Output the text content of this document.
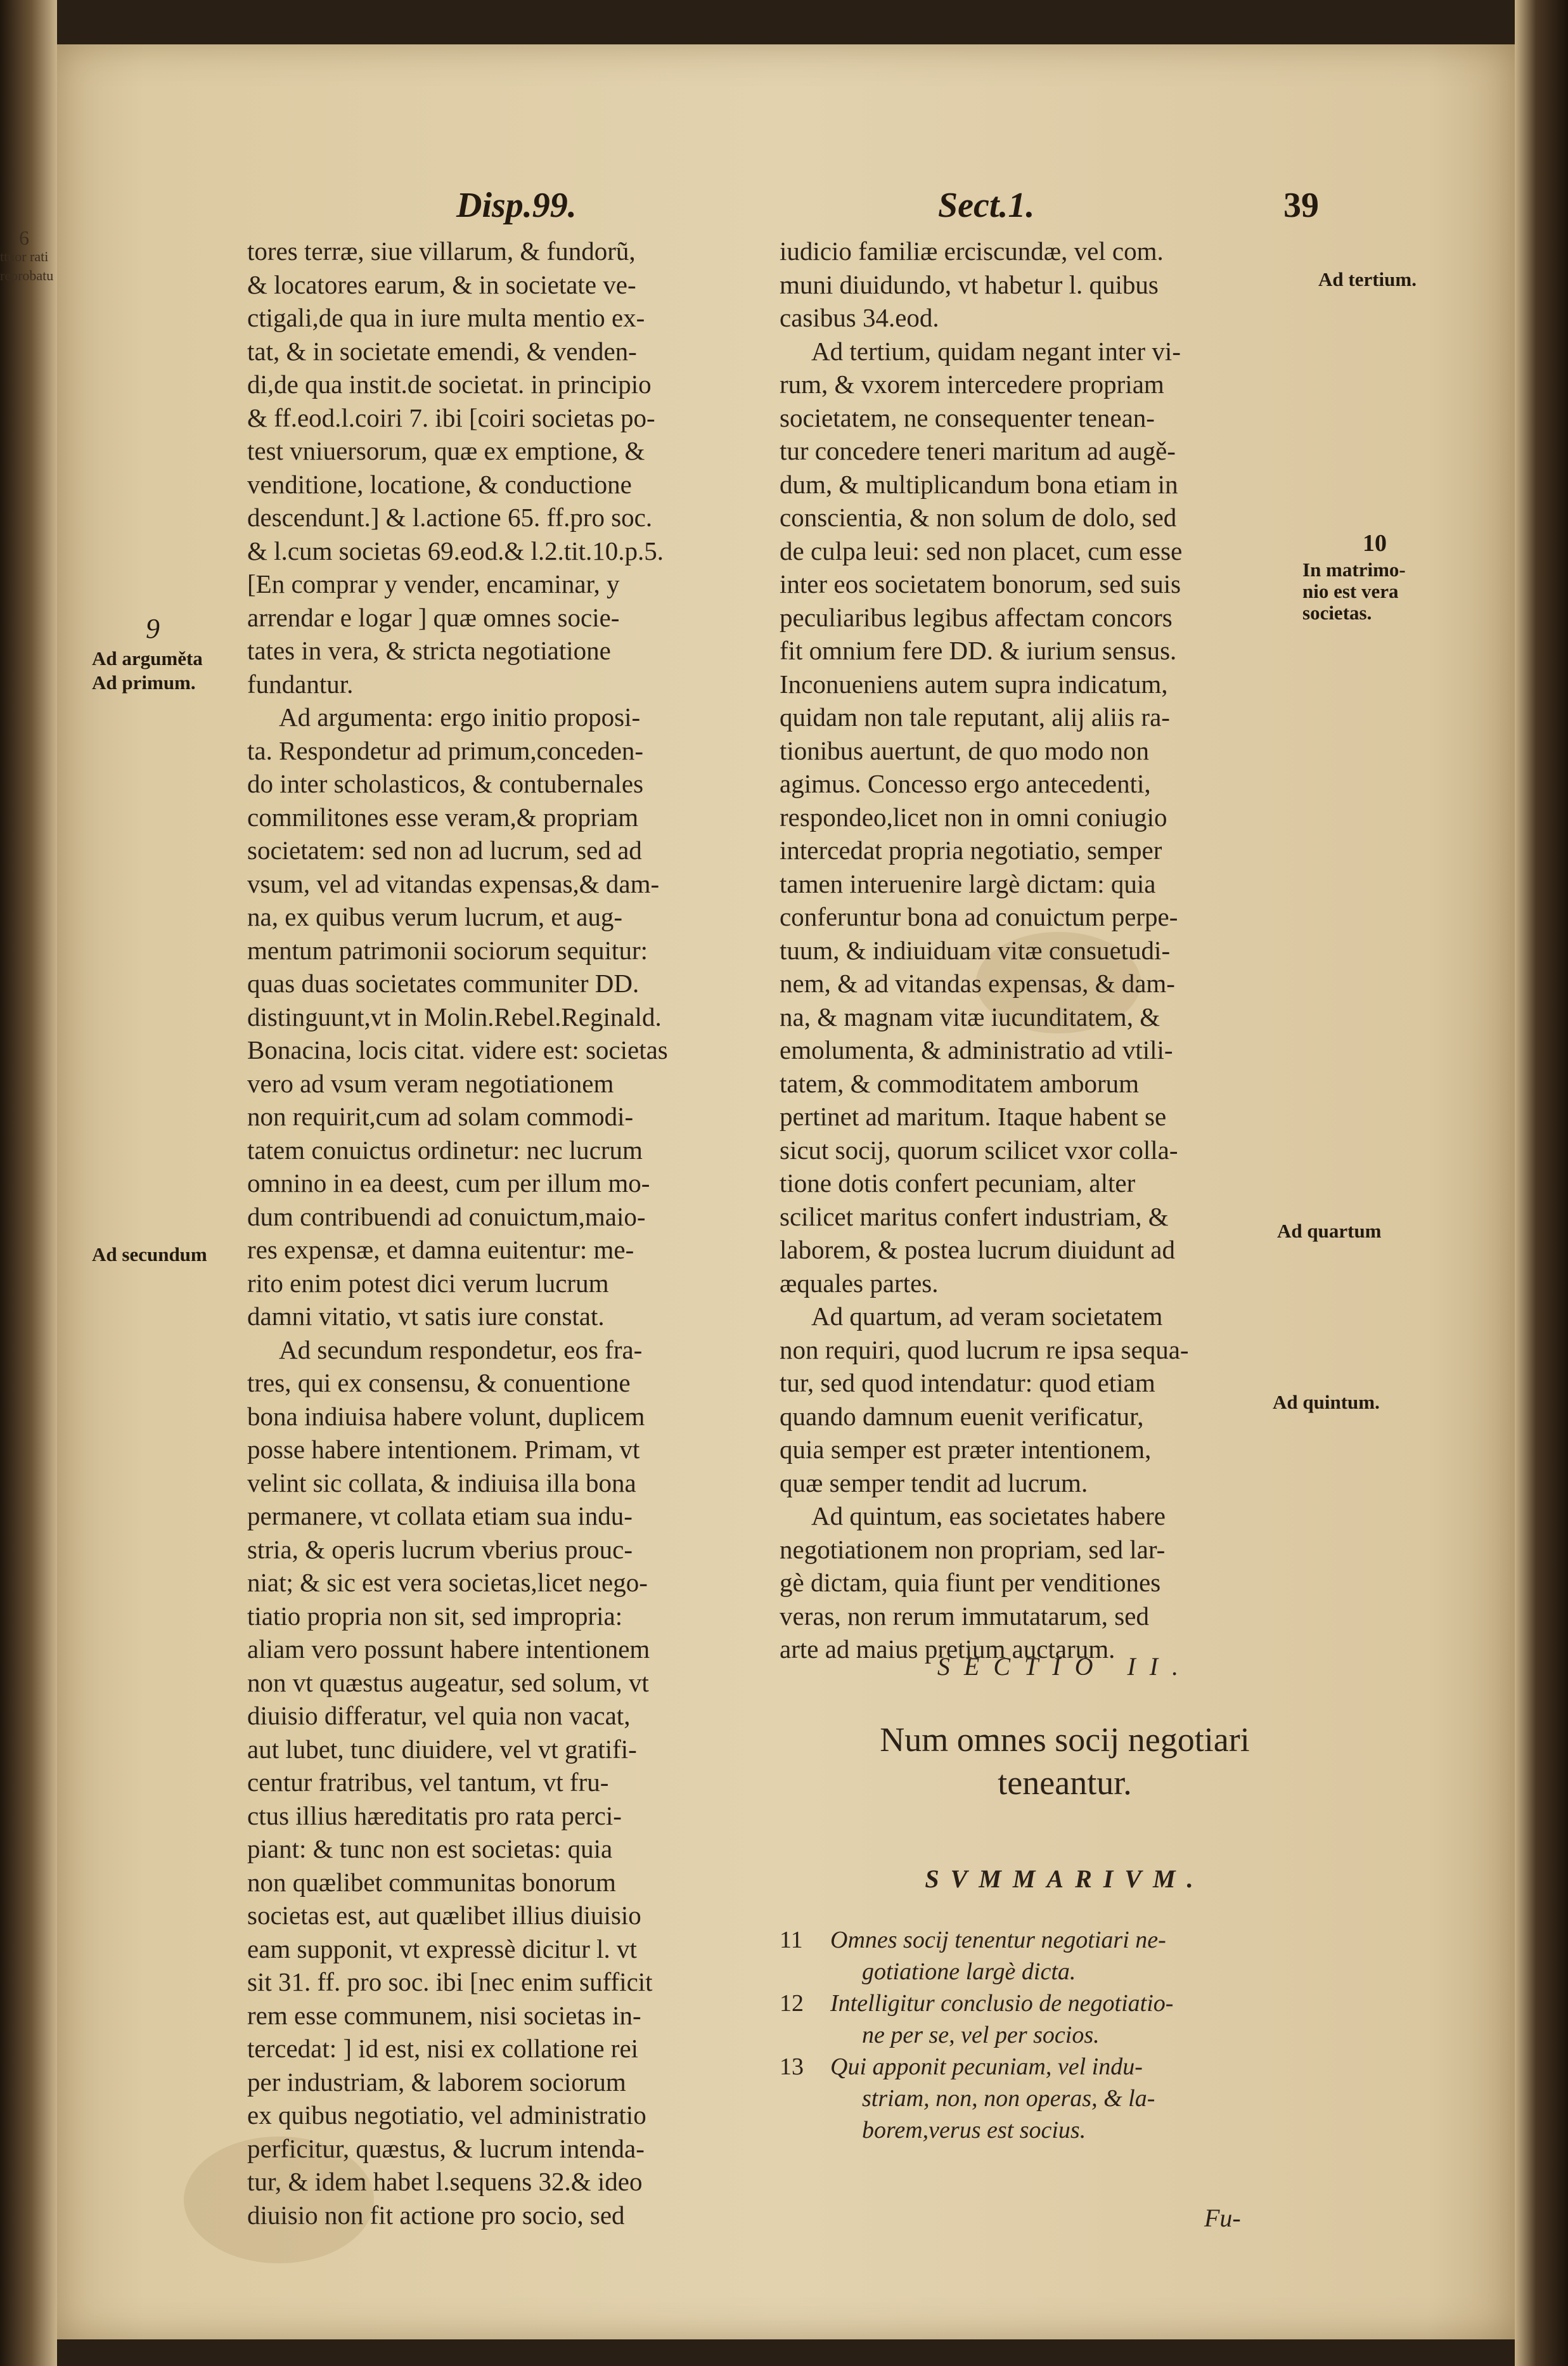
6
ttuor rati
reprobatu
Disp.99.	Sect.1.	39
9
Ad arguměta
Ad primum.
Ad secundum
Ad tertium.
10
In matrimo-
nio est vera
societas.
Ad quartum
Ad quintum.
tores terræ, siue villarum, & fundorũ,
& locatores earum, & in societate ve-
ctigali,de qua in iure multa mentio ex-
tat, & in societate emendi, & venden-
di,de qua instit.de societat. in principio
& ff.eod.l.coiri 7. ibi [coiri societas po-
test vniuersorum, quæ ex emptione, &
venditione, locatione, & conductione
descendunt.] & l.actione 65. ff.pro soc.
& l.cum societas 69.eod.& l.2.tit.10.p.5.
[En comprar y vender, encaminar, y
arrendar e logar ] quæ omnes socie-
tates in vera, & stricta negotiatione
fundantur.
Ad argumenta: ergo initio proposi-
ta. Respondetur ad primum,conceden-
do inter scholasticos, & contubernales
commilitones esse veram,& propriam
societatem: sed non ad lucrum, sed ad
vsum, vel ad vitandas expensas,& dam-
na, ex quibus verum lucrum, et aug-
mentum patrimonii sociorum sequitur:
quas duas societates communiter DD.
distinguunt,vt in Molin.Rebel.Reginald.
Bonacina, locis citat. videre est: societas
vero ad vsum veram negotiationem
non requirit,cum ad solam commodi-
tatem conuictus ordinetur: nec lucrum
omnino in ea deest, cum per illum mo-
dum contribuendi ad conuictum,maio-
res expensæ, et damna euitentur: me-
rito enim potest dici verum lucrum
damni vitatio, vt satis iure constat.
Ad secundum respondetur, eos fra-
tres, qui ex consensu, & conuentione
bona indiuisa habere volunt, duplicem
posse habere intentionem. Primam, vt
velint sic collata, & indiuisa illa bona
permanere, vt collata etiam sua indu-
stria, & operis lucrum vberius prouc-
niat; & sic est vera societas,licet nego-
tiatio propria non sit, sed impropria:
aliam vero possunt habere intentionem
non vt quæstus augeatur, sed solum, vt
diuisio differatur, vel quia non vacat,
aut lubet, tunc diuidere, vel vt gratifi-
centur fratribus, vel tantum, vt fru-
ctus illius hæreditatis pro rata perci-
piant: & tunc non est societas: quia
non quælibet communitas bonorum
societas est, aut quælibet illius diuisio
eam supponit, vt expressè dicitur l. vt
sit 31. ff. pro soc. ibi [nec enim sufficit
rem esse communem, nisi societas in-
tercedat: ] id est, nisi ex collatione rei
per industriam, & laborem sociorum
ex quibus negotiatio, vel administratio
perficitur, quæstus, & lucrum intenda-
tur, & idem habet l.sequens 32.& ideo
diuisio non fit actione pro socio, sed
iudicio familiæ erciscundæ, vel com.
muni diuidundo, vt habetur l. quibus
casibus 34.eod.
Ad tertium, quidam negant inter vi-
rum, & vxorem intercedere propriam
societatem, ne consequenter tenean-
tur concedere teneri maritum ad augě-
dum, & multiplicandum bona etiam in
conscientia, & non solum de dolo, sed
de culpa leui: sed non placet, cum esse
inter eos societatem bonorum, sed suis
peculiaribus legibus affectam concors
fit omnium fere DD. & iurium sensus.
Inconueniens autem supra indicatum,
quidam non tale reputant, alij aliis ra-
tionibus auertunt, de quo modo non
agimus. Concesso ergo antecedenti,
respondeo,licet non in omni coniugio
intercedat propria negotiatio, semper
tamen interuenire largè dictam: quia
conferuntur bona ad conuictum perpe-
tuum, & indiuiduam vitæ consuetudi-
nem, & ad vitandas expensas, & dam-
na, & magnam vitæ iucunditatem, &
emolumenta, & administratio ad vtili-
tatem, & commoditatem amborum
pertinet ad maritum. Itaque habent se
sicut socij, quorum scilicet vxor colla-
tione dotis confert pecuniam, alter
scilicet maritus confert industriam, &
laborem, & postea lucrum diuidunt ad
æquales partes.
Ad quartum, ad veram societatem
non requiri, quod lucrum re ipsa sequa-
tur, sed quod intendatur: quod etiam
quando damnum euenit verificatur,
quia semper est præter intentionem,
quæ semper tendit ad lucrum.
Ad quintum, eas societates habere
negotiationem non propriam, sed lar-
gè dictam, quia fiunt per venditiones
veras, non rerum immutatarum, sed
arte ad maius pretium auctarum.
SECTIO II.
Num omnes socij negotiari
teneantur.
SVMMARIVM.
11 Omnes socij tenentur negotiari ne-
gotiatione largè dicta.
12 Intelligitur conclusio de negotiatio-
ne per se, vel per socios.
13 Qui apponit pecuniam, vel indu-
striam, non, non operas, & la-
borem,verus est socius.
Fu-
